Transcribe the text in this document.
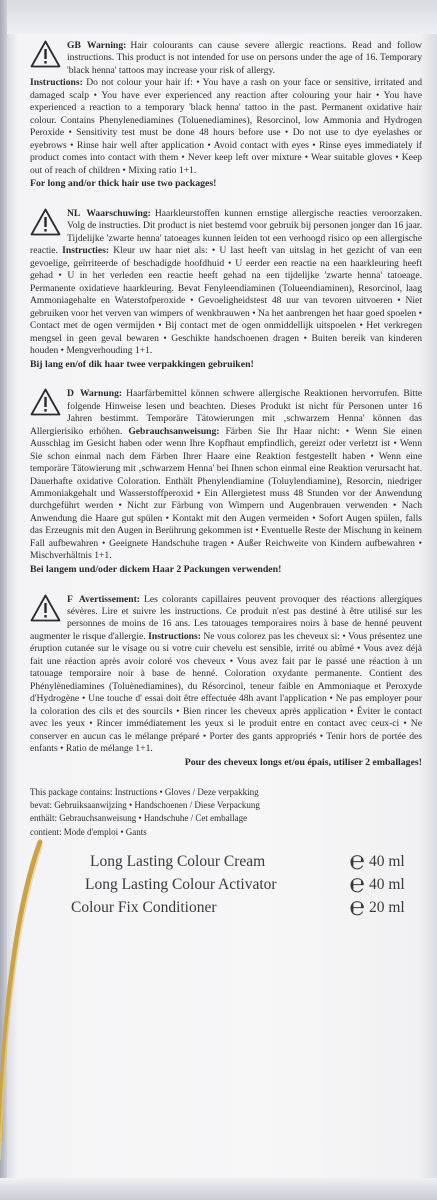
GB Warning: Hair colourants can cause severe allergic reactions. Read and follow instructions. This product is not intended for use on persons under the age of 16. Temporary 'black henna' tattoos may increase your risk of allergy.
Instructions: Do not colour your hair if: • You have a rash on your face or sensitive, irritated and damaged scalp • You have ever experienced any reaction after colouring your hair • You have experienced a reaction to a temporary 'black henna' tattoo in the past. Permanent oxidative hair colour. Contains Phenylenediamines (Toluenediamines), Resorcinol, low Ammonia and Hydrogen Peroxide • Sensitivity test must be done 48 hours before use • Do not use to dye eyelashes or eyebrows • Rinse hair well after application • Avoid contact with eyes • Rinse eyes immediately if product comes into contact with them • Never keep left over mixture • Wear suitable gloves • Keep out of reach of children • Mixing ratio 1+1.
For long and/or thick hair use two packages!
NL Waarschuwing: Haarkleurstoffen kunnen ernstige allergische reacties veroorzaken. Volg de instructies. Dit product is niet bestemd voor gebruik bij personen jonger dan 16 jaar. Tijdelijke 'zwarte henna' tatoeages kunnen leiden tot een verhoogd risico op een allergische reactie. Instructies: Kleur uw haar niet als: • U last heeft van uitslag in het gezicht of van een gevoelige, geïrriteerde of beschadigde hoofdhuid • U eerder een reactie na een haarkleuring heeft gehad • U in het verleden een reactie heeft gehad na een tijdelijke 'zwarte henna' tatoeage. Permanente oxidatieve haarkleuring. Bevat Fenyleendiaminen (Tolueendiaminen), Resorcinol, laag Ammoniagehalte en Waterstofperoxide • Gevoeligheidstest 48 uur van tevoren uitvoeren • Niet gebruiken voor het verven van wimpers of wenkbrauwen • Na het aanbrengen het haar goed spoelen • Contact met de ogen vermijden • Bij contact met de ogen onmiddellijk uitspoelen • Het verkregen mengsel in geen geval bewaren • Geschikte handschoenen dragen • Buiten bereik van kinderen houden • Mengverhouding 1+1.
Bij lang en/of dik haar twee verpakkingen gebruiken!
D Warnung: Haarfärbemittel können schwere allergische Reaktionen hervorrufen. Bitte folgende Hinweise lesen und beachten. Dieses Produkt ist nicht für Personen unter 16 Jahren bestimmt. Temporäre Tätowierungen mit ‚schwarzem Henna' können das Allergierisiko erhöhen. Gebrauchsanweisung: Färben Sie Ihr Haar nicht: • Wenn Sie einen Ausschlag im Gesicht haben oder wenn Ihre Kopfhaut empfindlich, gereizt oder verletzt ist • Wenn Sie schon einmal nach dem Färben Ihrer Haare eine Reaktion festgestellt haben • Wenn eine temporäre Tätowierung mit ‚schwarzem Henna' bei Ihnen schon einmal eine Reaktion verursacht hat. Dauerhafte oxidative Coloration. Enthält Phenylendiamine (Toluylendiamine), Resorcin, niedriger Ammoniakgehalt und Wasserstoffperoxid • Ein Allergietest muss 48 Stunden vor der Anwendung durchgeführt werden • Nicht zur Färbung von Wimpern und Augenbrauen verwenden • Nach Anwendung die Haare gut spülen • Kontakt mit den Augen vermeiden • Sofort Augen spülen, falls das Erzeugnis mit den Augen in Berührung gekommen ist • Eventuelle Reste der Mischung in keinem Fall aufbewahren • Geeignete Handschuhe tragen • Außer Reichweite von Kindern aufbewahren • Mischverhältnis 1+1.
Bei langem und/oder dickem Haar 2 Packungen verwenden!
F Avertissement: Les colorants capillaires peuvent provoquer des réactions allergiques sévères. Lire et suivre les instructions. Ce produit n'est pas destiné à être utilisé sur les personnes de moins de 16 ans. Les tatouages temporaires noirs à base de henné peuvent augmenter le risque d'allergie. Instructions: Ne vous colorez pas les cheveux si: • Vous présentez une éruption cutanée sur le visage ou si votre cuir chevelu est sensible, irrité ou abîmé • Vous avez déjà fait une réaction après avoir coloré vos cheveux • Vous avez fait par le passé une réaction à un tatouage temporaire noir à base de henné. Coloration oxydante permanente. Contient des Phénylènediamines (Toluènediamines), du Résorcinol, teneur faible en Ammoniaque et Peroxyde d'Hydrogène • Une touche d' essai doit être effectuée 48h avant l'application • Ne pas employer pour la coloration des cils et des sourcils • Bien rincer les cheveux après application • Éviter le contact avec les yeux • Rincer immédiatement les yeux si le produit entre en contact avec ceux-ci • Ne conserver en aucun cas le mélange préparé • Porter des gants appropriés • Tenir hors de portée des enfants • Ratio de mélange 1+1.
Pour des cheveux longs et/ou épais, utiliser 2 emballages!
This package contains: Instructions • Gloves / Deze verpakking
bevat: Gebruiksaanwijzing • Handschoenen / Diese Verpackung
enthält: Gebrauchsanweisung • Handschuhe / Cet emballage
contient: Mode d'emploi • Gants
Long Lasting Colour Cream	℮ 40 ml
Long Lasting Colour Activator	℮ 40 ml
Colour Fix Conditioner	℮ 20 ml
